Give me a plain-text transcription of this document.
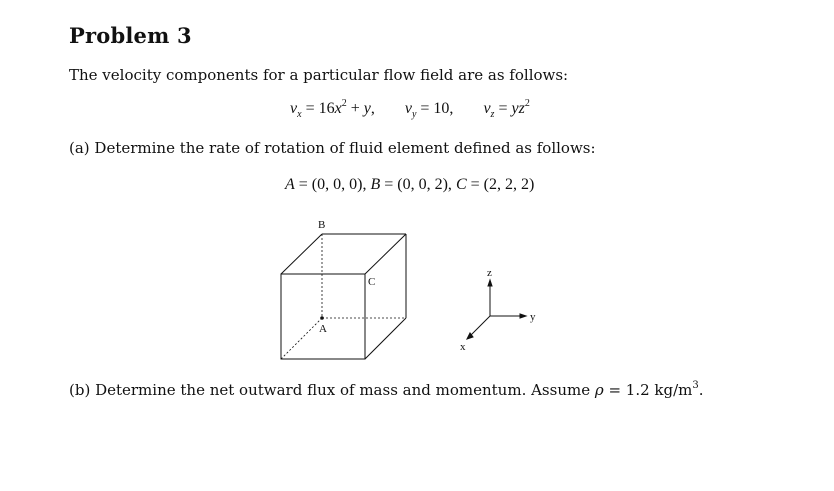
Problem 3
The velocity components for a particular flow field are as follows:
$v_x = 16x^2 + y$, $v_y = 10$, $v_z = yz^2$
(a) Determine the rate of rotation of fluid element defined as follows:
A = (0, 0, 0), B = (0, 0, 2), C = (2, 2, 2)
B
C
A
z
y
x
(b) Determine the net outward flux of mass and momentum. Assume ρ = 1.2 $kg/m^3$.
